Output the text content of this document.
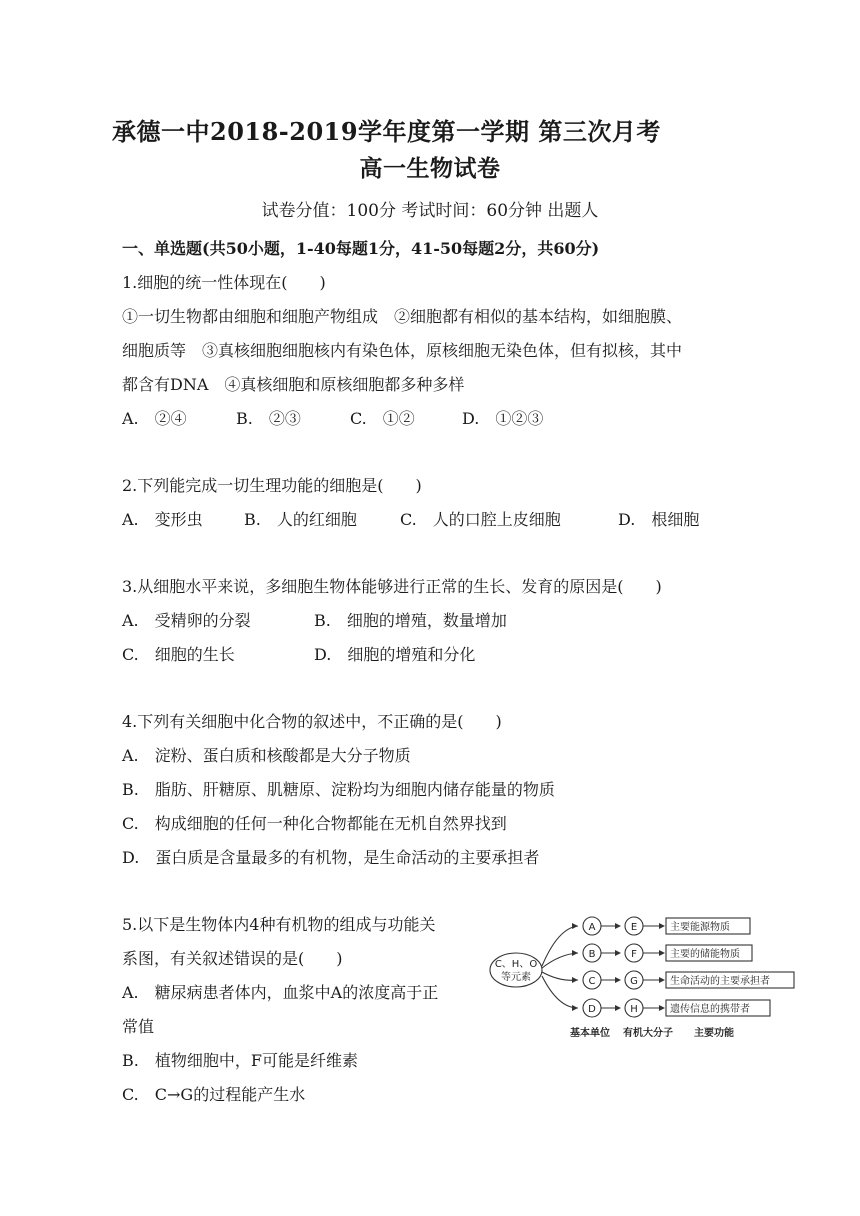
承德一中2018-2019学年度第一学期 第三次月考
高一生物试卷
试卷分值：100分 考试时间：60分钟 出题人
一、单选题(共50小题，1-40每题1分，41-50每题2分，共60分)
1.细胞的统一性体现在(　　)
①一切生物都由细胞和细胞产物组成　②细胞都有相似的基本结构，如细胞膜、
细胞质等　③真核细胞细胞核内有染色体，原核细胞无染色体，但有拟核，其中
都含有DNA　④真核细胞和原核细胞都多种多样
A.　②④	B.　②③	C.　①②	D.　①②③
2.下列能完成一切生理功能的细胞是(　　)
A.　变形虫	B.　人的红细胞	C.　人的口腔上皮细胞	D.　根细胞
3.从细胞水平来说，多细胞生物体能够进行正常的生长、发育的原因是(　　)
A.　受精卵的分裂	B.　细胞的增殖，数量增加
C.　细胞的生长	D.　细胞的增殖和分化
4.下列有关细胞中化合物的叙述中，不正确的是(　　)
A.　淀粉、蛋白质和核酸都是大分子物质
B.　脂肪、肝糖原、肌糖原、淀粉均为细胞内储存能量的物质
C.　构成细胞的任何一种化合物都能在无机自然界找到
D.　蛋白质是含量最多的有机物，是生命活动的主要承担者
5.以下是生物体内4种有机物的组成与功能关
系图，有关叙述错误的是(　　)
A.　糖尿病患者体内，血浆中A的浓度高于正
常值
B.　植物细胞中，F可能是纤维素
C.　C→G的过程能产生水
C、H、O
等元素
A
B
C
D
E
F
G
H
主要能源物质
主要的储能物质
生命活动的主要承担者
遗传信息的携带者
基本单位 有机大分子 主要功能
